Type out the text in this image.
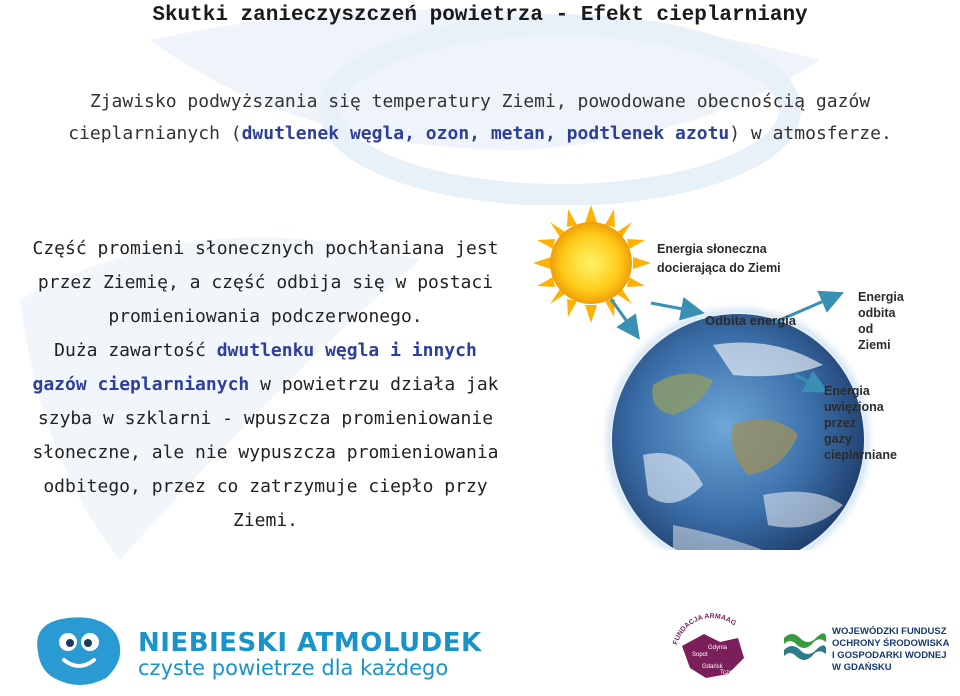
Skutki zanieczyszczeń powietrza - Efekt cieplarniany
Zjawisko podwyższania się temperatury Ziemi, powodowane obecnością gazów cieplarnianych (dwutlenek węgla, ozon, metan, podtlenek azotu) w atmosferze.
Część promieni słonecznych pochłaniana jest przez Ziemię, a część odbija się w postaci promieniowania podczerwonego.
Duża zawartość dwutlenku węgla i innych gazów cieplarnianych w powietrzu działa jak szyba w szklarni - wpuszcza promieniowanie słoneczne, ale nie wypuszcza promieniowania odbitego, przez co zatrzymuje ciepło przy Ziemi.
Energia słoneczna
docierająca do Ziemi
Odbita energia
Energia
odbita
od
Ziemi
Energia
uwięziona
przez
gazy
cieplarniane
NIEBIESKI ATMOLUDEK
czyste powietrze dla każdego
FUNDACJA ARMAAG
Gdynia
Sopot
Gdańsk
Tczew
WOJEWÓDZKI FUNDUSZ
OCHRONY ŚRODOWISKA
I GOSPODARKI WODNEJ
W GDAŃSKU
